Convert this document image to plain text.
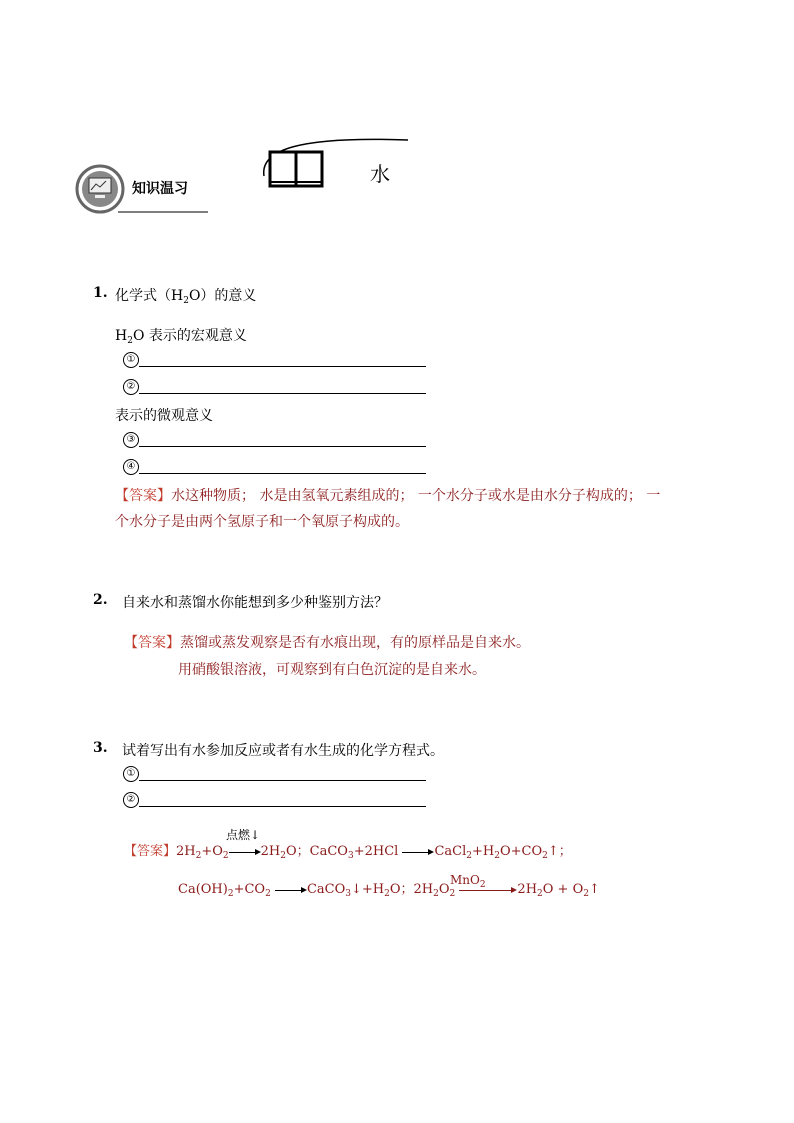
知识温习
水
1. 化学式$(H_2O)$的意义
$H_2O$ 表示的宏观意义
①
②
表示的微观意义
③
④
【答案】水这种物质； 水是由氢氧元素组成的； 一个水分子或水是由水分子构成的； 一
个水分子是由两个氢原子和一个氧原子构成的。
2. 自来水和蒸馏水你能想到多少种鉴别方法？
【答案】蒸馏或蒸发观察是否有水痕出现，有的原样品是自来水。
用硝酸银溶液，可观察到有白色沉淀的是自来水。
3. 试着写出有水参加反应或者有水生成的化学方程式。
①
②
点燃↓
【答案】$2H_2+O_2$ $2H_2O$；CaCO$_3$+2HCl $CaCl_2+H_2O+CO_2↑$；
MnO$_2$
$Ca(OH)_2+CO_2$	$CaCO_3↓+H_2O$；$2H_2O_2$	$2H_2O$ + $O_2↑$
